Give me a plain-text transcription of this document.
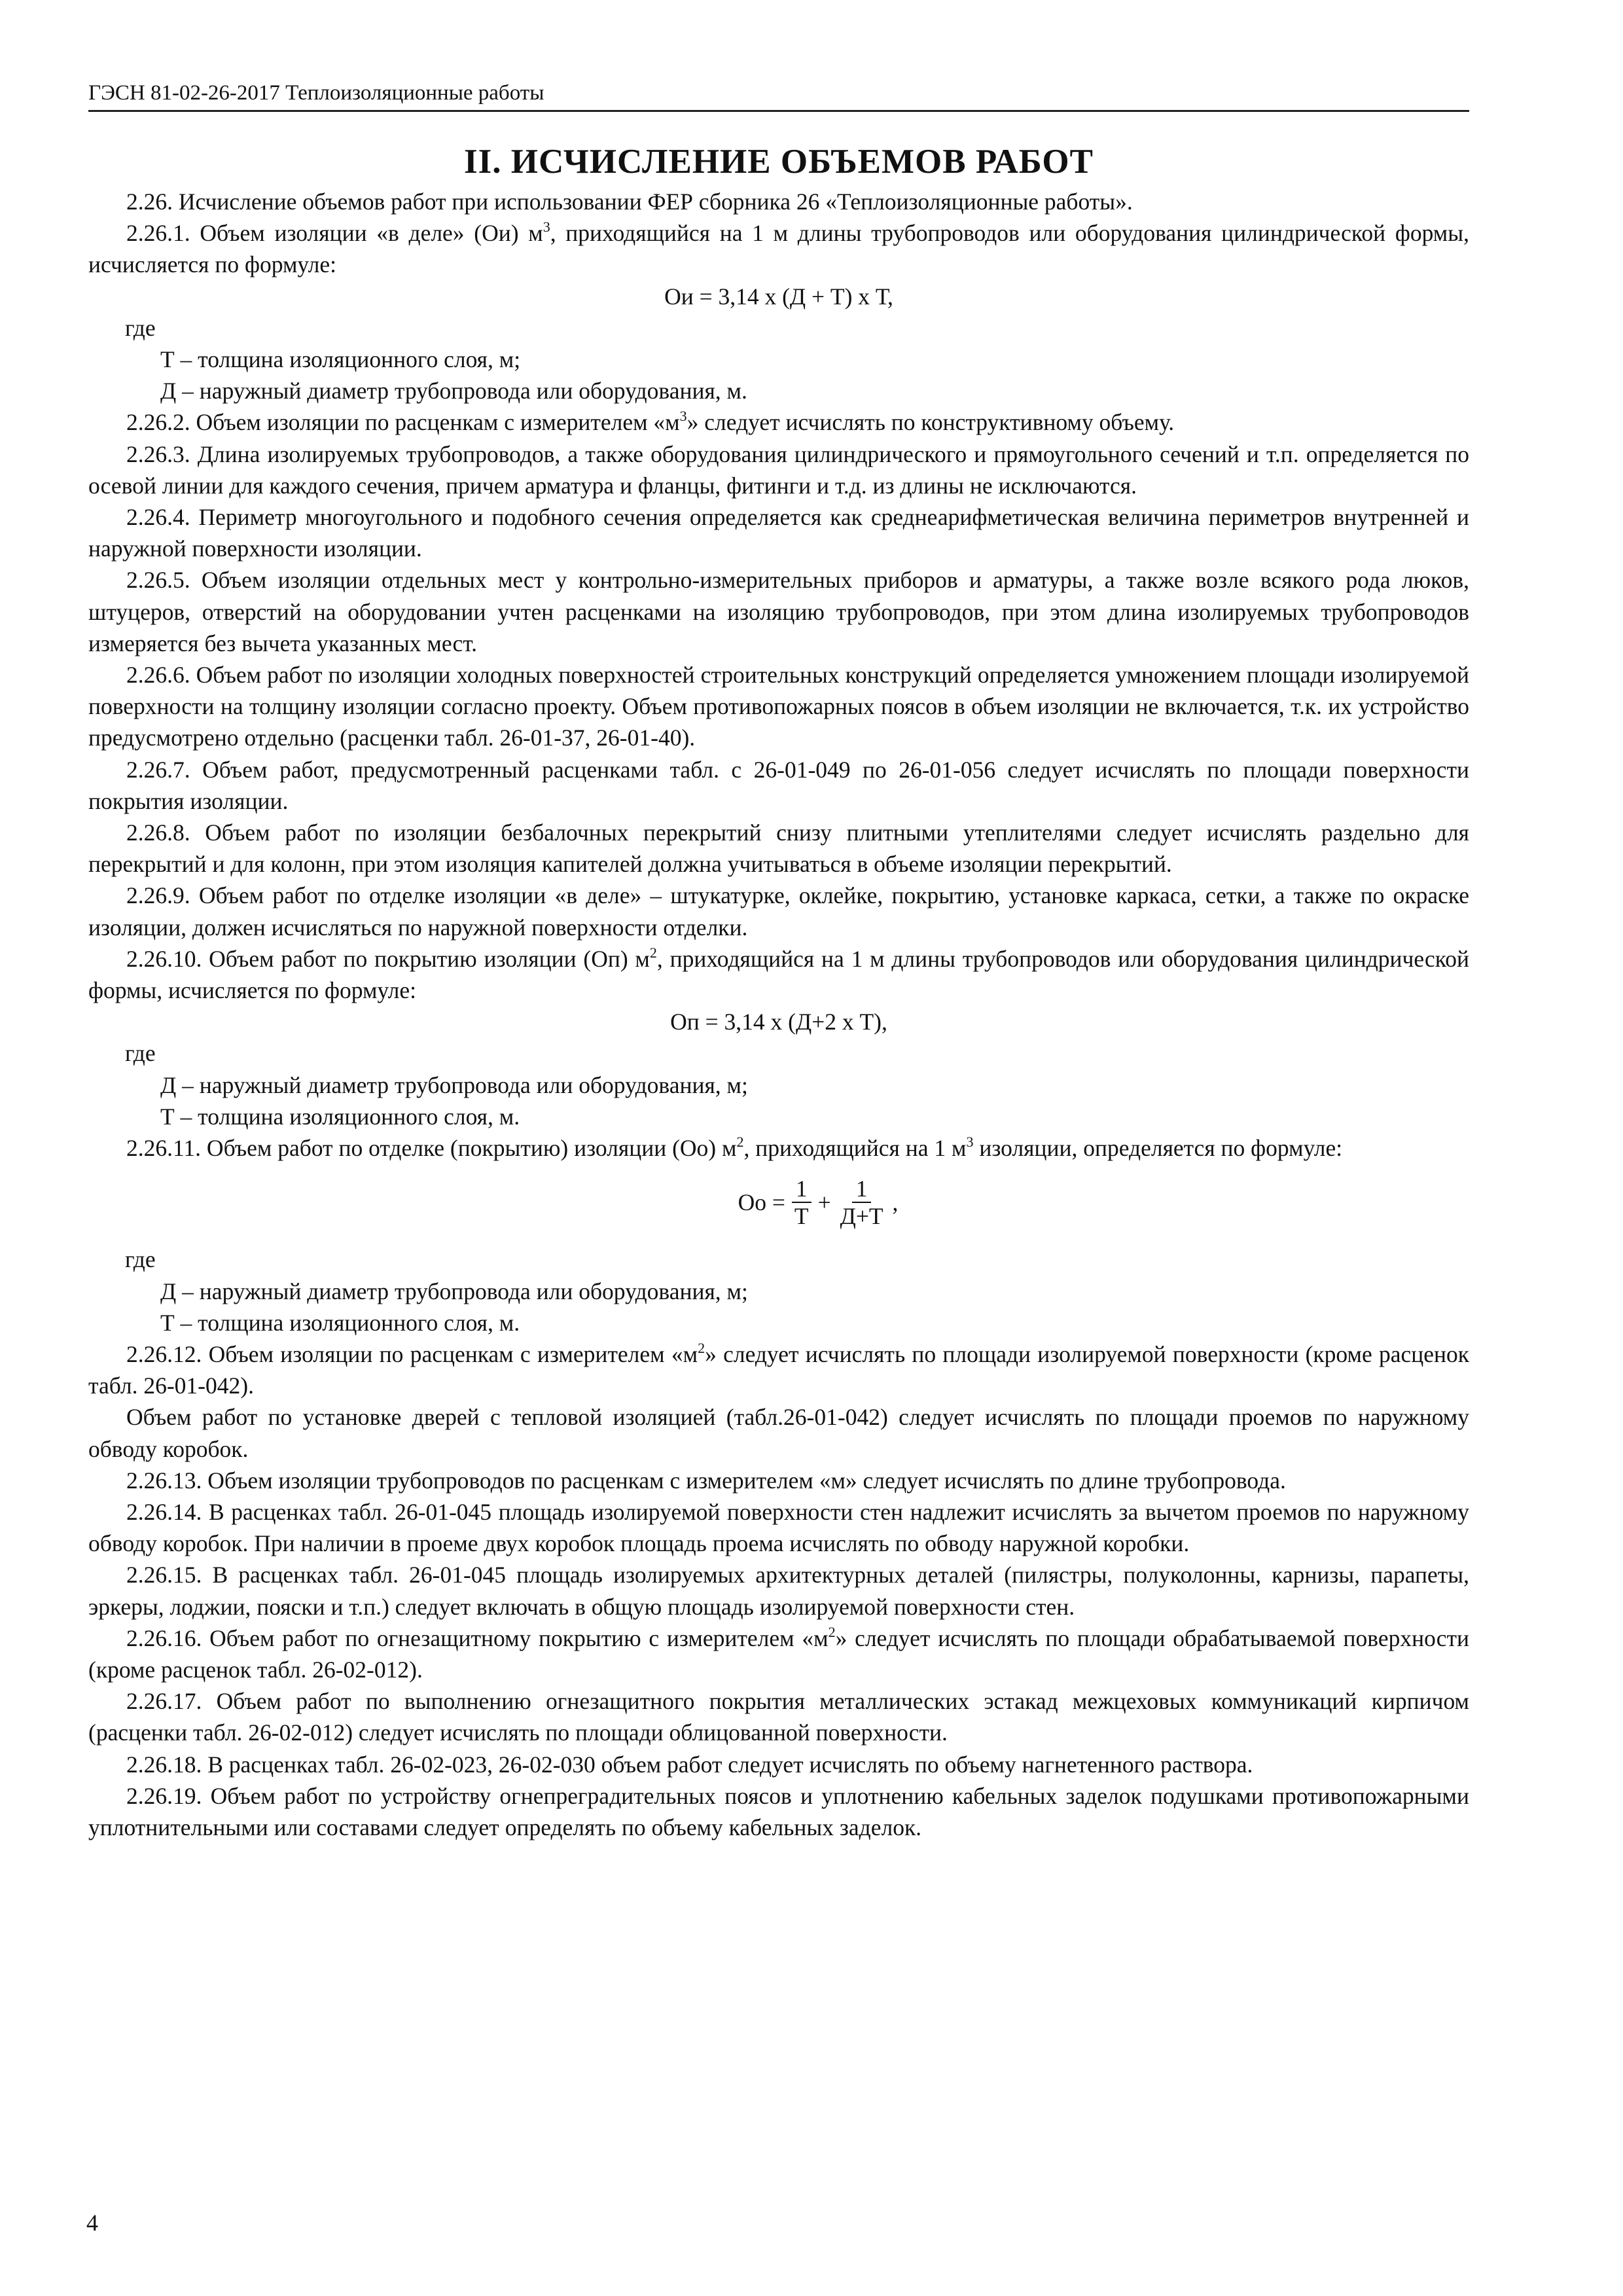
ГЭСН 81-02-26-2017 Теплоизоляционные работы
II. ИСЧИСЛЕНИЕ ОБЪЕМОВ РАБОТ

2.26. Исчисление объемов работ при использовании ФЕР сборника 26 «Теплоизоляционные работы».

2.26.1. Объем изоляции «в деле» (Ои) $м^3$, приходящийся на 1 м длины трубопроводов или оборудования цилиндрической формы, исчисляется по формуле:

Ои = 3,14 х (Д + Т) х Т,
где
Т – толщина изоляционного слоя, м;
Д – наружный диаметр трубопровода или оборудования, м.

2.26.2. Объем изоляции по расценкам с измерителем «$м^3$» следует исчислять по конструктивному объему.

2.26.3. Длина изолируемых трубопроводов, а также оборудования цилиндрического и прямоугольного сечений и т.п. определяется по осевой линии для каждого сечения, причем арматура и фланцы, фитинги и т.д. из длины не исключаются.

2.26.4. Периметр многоугольного и подобного сечения определяется как среднеарифметическая величина периметров внутренней и наружной поверхности изоляции.

2.26.5. Объем изоляции отдельных мест у контрольно-измерительных приборов и арматуры, а также возле всякого рода люков, штуцеров, отверстий на оборудовании учтен расценками на изоляцию трубопроводов, при этом длина изолируемых трубопроводов измеряется без вычета указанных мест.

2.26.6. Объем работ по изоляции холодных поверхностей строительных конструкций определяется умножением площади изолируемой поверхности на толщину изоляции согласно проекту. Объем противопожарных поясов в объем изоляции не включается, т.к. их устройство предусмотрено отдельно (расценки табл. 26-01-37, 26-01-40).

2.26.7. Объем работ, предусмотренный расценками табл. с 26-01-049 по 26-01-056 следует исчислять по площади поверхности покрытия изоляции.

2.26.8. Объем работ по изоляции безбалочных перекрытий снизу плитными утеплителями следует исчислять раздельно для перекрытий и для колонн, при этом изоляция капителей должна учитываться в объеме изоляции перекрытий.

2.26.9. Объем работ по отделке изоляции «в деле» – штукатурке, оклейке, покрытию, установке каркаса, сетки, а также по окраске изоляции, должен исчисляться по наружной поверхности отделки.

2.26.10. Объем работ по покрытию изоляции (Оп) $м^2$, приходящийся на 1 м длины трубопроводов или оборудования цилиндрической формы, исчисляется по формуле:

Оп = 3,14 х (Д+2 х Т),
где
Д – наружный диаметр трубопровода или оборудования, м;
Т – толщина изоляционного слоя, м.

2.26.11. Объем работ по отделке (покрытию) изоляции (Оо) $м^2$, приходящийся на 1 $м^3$ изоляции, определяется по формуле:

Оо = $\frac{1}{Т} + \frac{1}{Д+Т}$ ,
где
Д – наружный диаметр трубопровода или оборудования, м;
Т – толщина изоляционного слоя, м.

2.26.12. Объем изоляции по расценкам с измерителем «$м^2$» следует исчислять по площади изолируемой поверхности (кроме расценок табл. 26-01-042).

Объем работ по установке дверей с тепловой изоляцией (табл.26-01-042) следует исчислять по площади проемов по наружному обводу коробок.

2.26.13. Объем изоляции трубопроводов по расценкам с измерителем «м» следует исчислять по длине трубопровода.

2.26.14. В расценках табл. 26-01-045 площадь изолируемой поверхности стен надлежит исчислять за вычетом проемов по наружному обводу коробок. При наличии в проеме двух коробок площадь проема исчислять по обводу наружной коробки.

2.26.15. В расценках табл. 26-01-045 площадь изолируемых архитектурных деталей (пилястры, полуколонны, карнизы, парапеты, эркеры, лоджии, пояски и т.п.) следует включать в общую площадь изолируемой поверхности стен.

2.26.16. Объем работ по огнезащитному покрытию с измерителем «$м^2$» следует исчислять по площади обрабатываемой поверхности (кроме расценок табл. 26-02-012).

2.26.17. Объем работ по выполнению огнезащитного покрытия металлических эстакад межцеховых коммуникаций кирпичом (расценки табл. 26-02-012) следует исчислять по площади облицованной поверхности.

2.26.18. В расценках табл. 26-02-023, 26-02-030 объем работ следует исчислять по объему нагнетенного раствора.

2.26.19. Объем работ по устройству огнепреградительных поясов и уплотнению кабельных заделок подушками противопожарными уплотнительными или составами следует определять по объему кабельных заделок.

4
